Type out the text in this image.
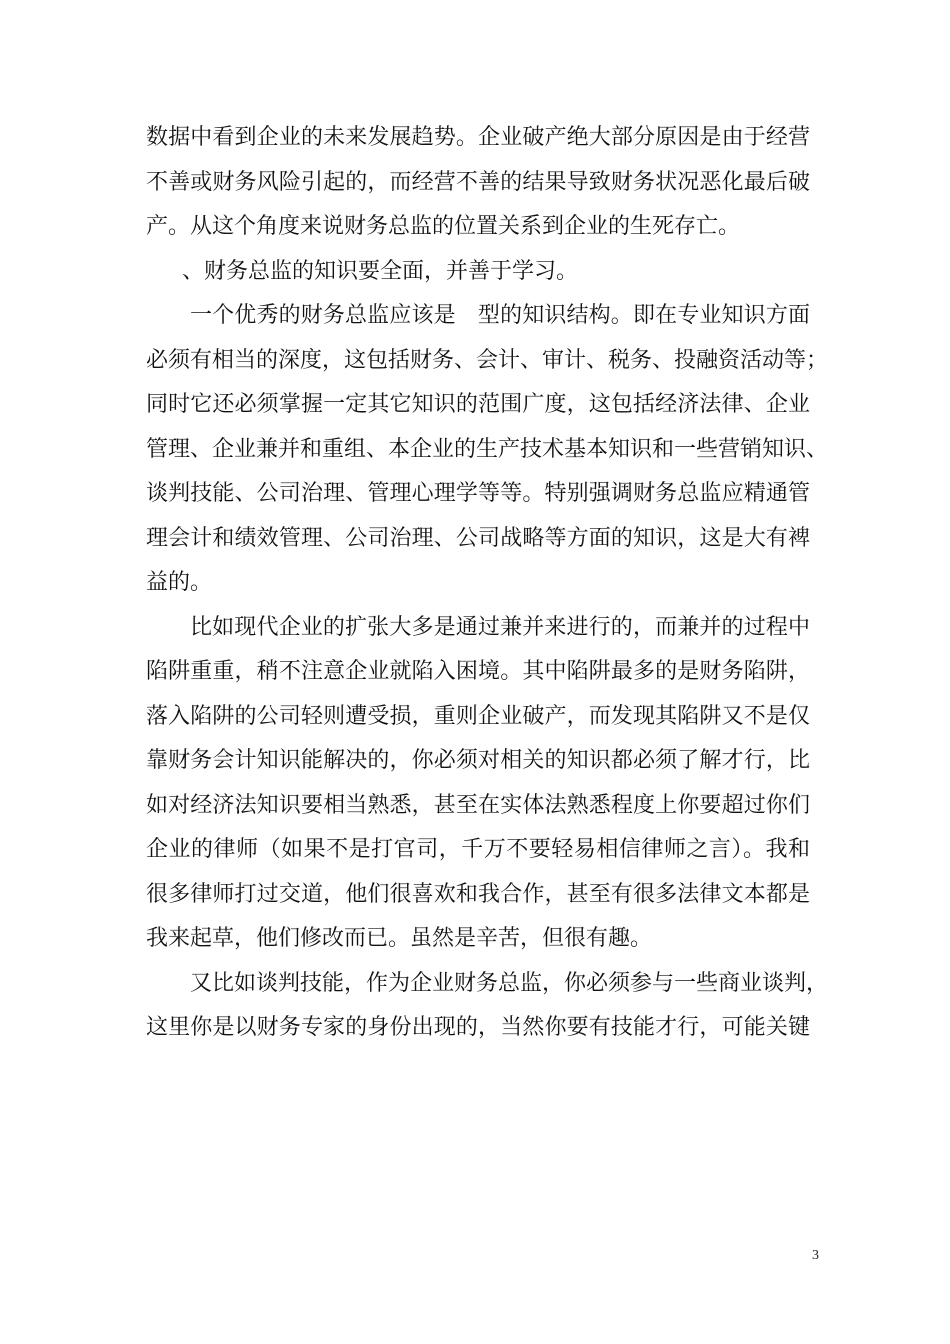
数据中看到企业的未来发展趋势。企业破产绝大部分原因是由于经营
不善或财务风险引起的，而经营不善的结果导致财务状况恶化最后破
产。从这个角度来说财务总监的位置关系到企业的生死存亡。
、财务总监的知识要全面，并善于学习。
一个优秀的财务总监应该是　型的知识结构。即在专业知识方面
必须有相当的深度，这包括财务、会计、审计、税务、投融资活动等；
同时它还必须掌握一定其它知识的范围广度，这包括经济法律、企业
管理、企业兼并和重组、本企业的生产技术基本知识和一些营销知识、
谈判技能、公司治理、管理心理学等等。特别强调财务总监应精通管
理会计和绩效管理、公司治理、公司战略等方面的知识，这是大有裨
益的。
比如现代企业的扩张大多是通过兼并来进行的，而兼并的过程中
陷阱重重，稍不注意企业就陷入困境。其中陷阱最多的是财务陷阱，
落入陷阱的公司轻则遭受损，重则企业破产，而发现其陷阱又不是仅
靠财务会计知识能解决的，你必须对相关的知识都必须了解才行，比
如对经济法知识要相当熟悉，甚至在实体法熟悉程度上你要超过你们
企业的律师（如果不是打官司，千万不要轻易相信律师之言）。我和
很多律师打过交道，他们很喜欢和我合作，甚至有很多法律文本都是
我来起草，他们修改而已。虽然是辛苦，但很有趣。
又比如谈判技能，作为企业财务总监，你必须参与一些商业谈判，
这里你是以财务专家的身份出现的，当然你要有技能才行，可能关键
3
